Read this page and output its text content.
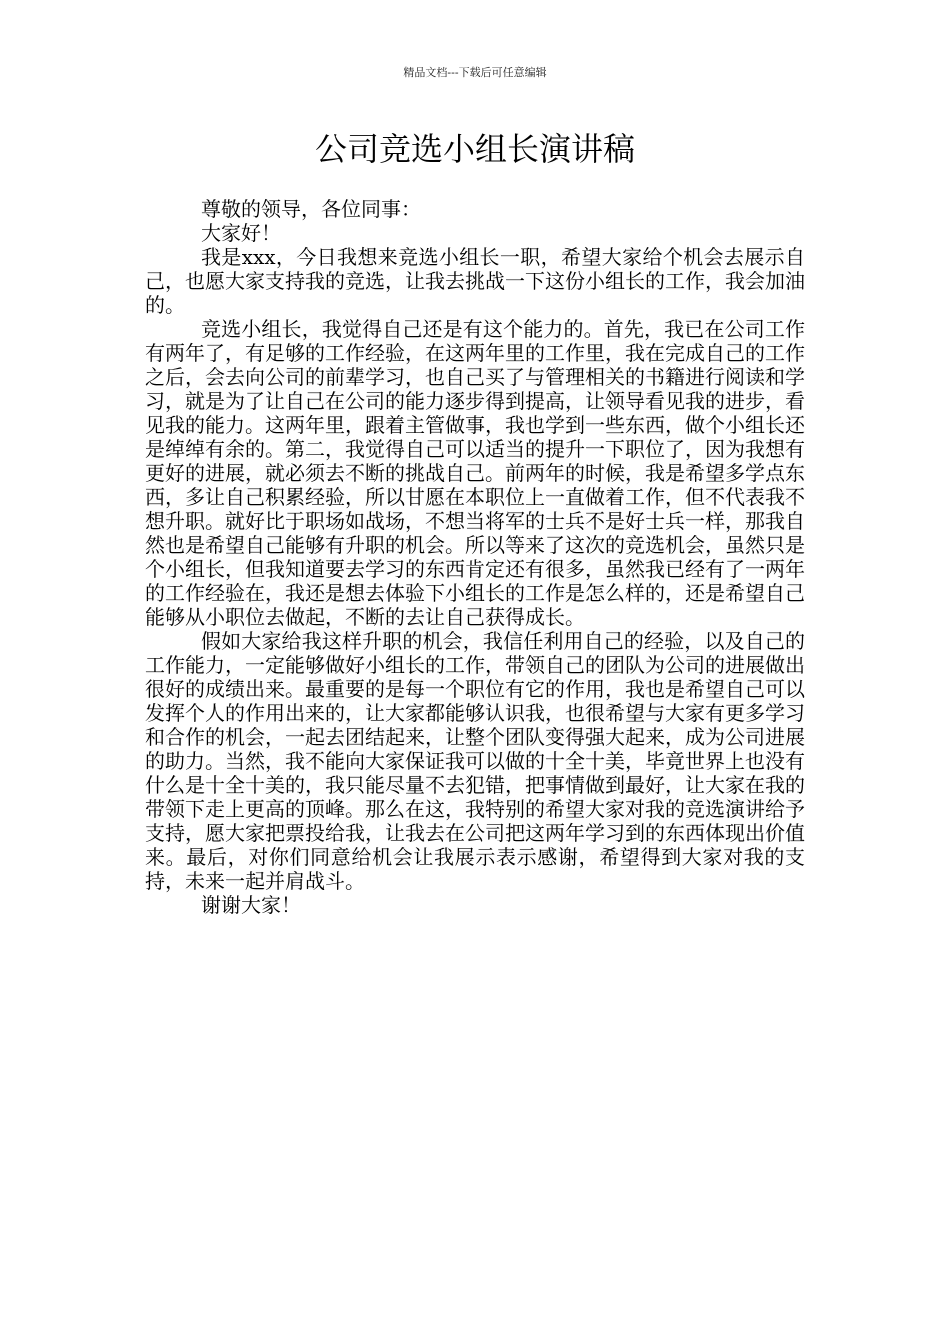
精品文档---下载后可任意编辑
公司竞选小组长演讲稿

尊敬的领导，各位同事：

大家好！

我是xxx，今日我想来竞选小组长一职，希望大家给个机会去展示自己，也愿大家支持我的竞选，让我去挑战一下这份小组长的工作，我会加油的。

竞选小组长，我觉得自己还是有这个能力的。首先，我已在公司工作有两年了，有足够的工作经验，在这两年里的工作里，我在完成自己的工作之后，会去向公司的前辈学习，也自己买了与管理相关的书籍进行阅读和学习，就是为了让自己在公司的能力逐步得到提高，让领导看见我的进步，看见我的能力。这两年里，跟着主管做事，我也学到一些东西，做个小组长还是绰绰有余的。第二，我觉得自己可以适当的提升一下职位了，因为我想有更好的进展，就必须去不断的挑战自己。前两年的时候，我是希望多学点东西，多让自己积累经验，所以甘愿在本职位上一直做着工作，但不代表我不想升职。就好比于职场如战场，不想当将军的士兵不是好士兵一样，那我自然也是希望自己能够有升职的机会。所以等来了这次的竞选机会，虽然只是个小组长，但我知道要去学习的东西肯定还有很多，虽然我已经有了一两年的工作经验在，我还是想去体验下小组长的工作是怎么样的，还是希望自己能够从小职位去做起，不断的去让自己获得成长。

假如大家给我这样升职的机会，我信任利用自己的经验，以及自己的工作能力，一定能够做好小组长的工作，带领自己的团队为公司的进展做出很好的成绩出来。最重要的是每一个职位有它的作用，我也是希望自己可以发挥个人的作用出来的，让大家都能够认识我，也很希望与大家有更多学习和合作的机会，一起去团结起来，让整个团队变得强大起来，成为公司进展的助力。当然，我不能向大家保证我可以做的十全十美，毕竟世界上也没有什么是十全十美的，我只能尽量不去犯错，把事情做到最好，让大家在我的带领下走上更高的顶峰。那么在这，我特别的希望大家对我的竞选演讲给予支持，愿大家把票投给我，让我去在公司把这两年学习到的东西体现出价值来。最后，对你们同意给机会让我展示表示感谢，希望得到大家对我的支持，未来一起并肩战斗。

谢谢大家！
